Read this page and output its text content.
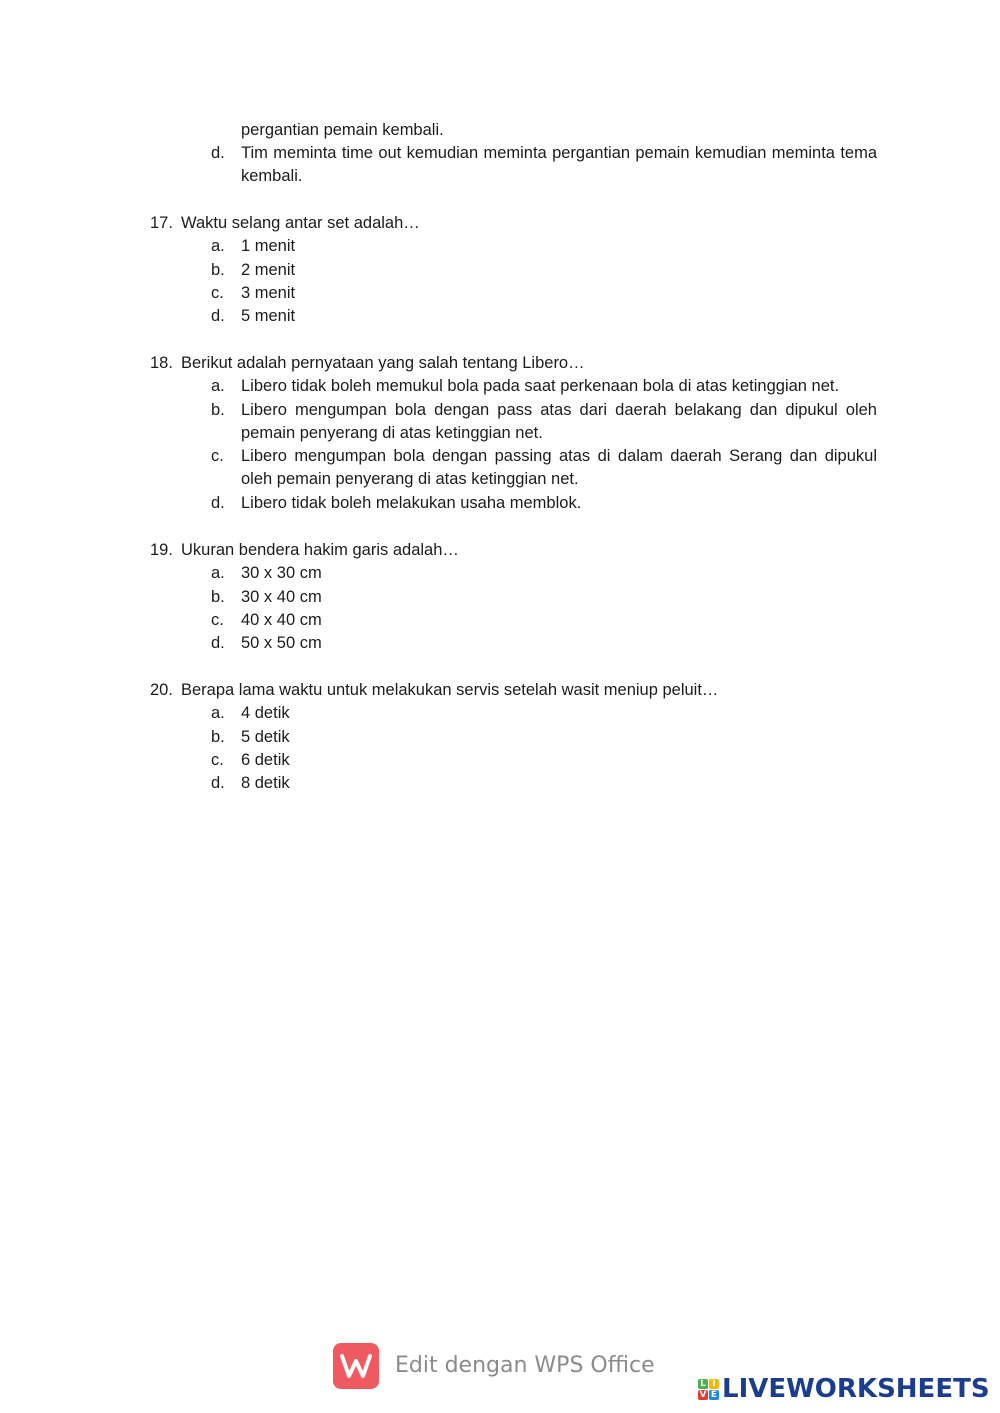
pergantian pemain kembali.
d. Tim meminta time out kemudian meminta pergantian pemain kemudian meminta tema kembali.
17. Waktu selang antar set adalah…
a. 1 menit
b. 2 menit
c.	3 menit
d. 5 menit
18. Berikut adalah pernyataan yang salah tentang Libero…
a. Libero tidak boleh memukul bola pada saat perkenaan bola di atas ketinggian net.
b. Libero mengumpan bola dengan pass atas dari daerah belakang dan dipukul oleh pemain penyerang di atas ketinggian net.
c.	Libero mengumpan bola dengan passing atas di dalam daerah Serang dan dipukul oleh pemain penyerang di atas ketinggian net.
d. Libero tidak boleh melakukan usaha memblok.
19. Ukuran bendera hakim garis adalah…
a. 30 x 30 cm
b. 30 x 40 cm
c.	40 x 40 cm
d. 50 x 50 cm
20. Berapa lama waktu untuk melakukan servis setelah wasit meniup peluit…
a. 4 detik
b. 5 detik
c.	6 detik
d. 8 detik
Edit dengan WPS Office
L I
V E LIVEWORKSHEETS
